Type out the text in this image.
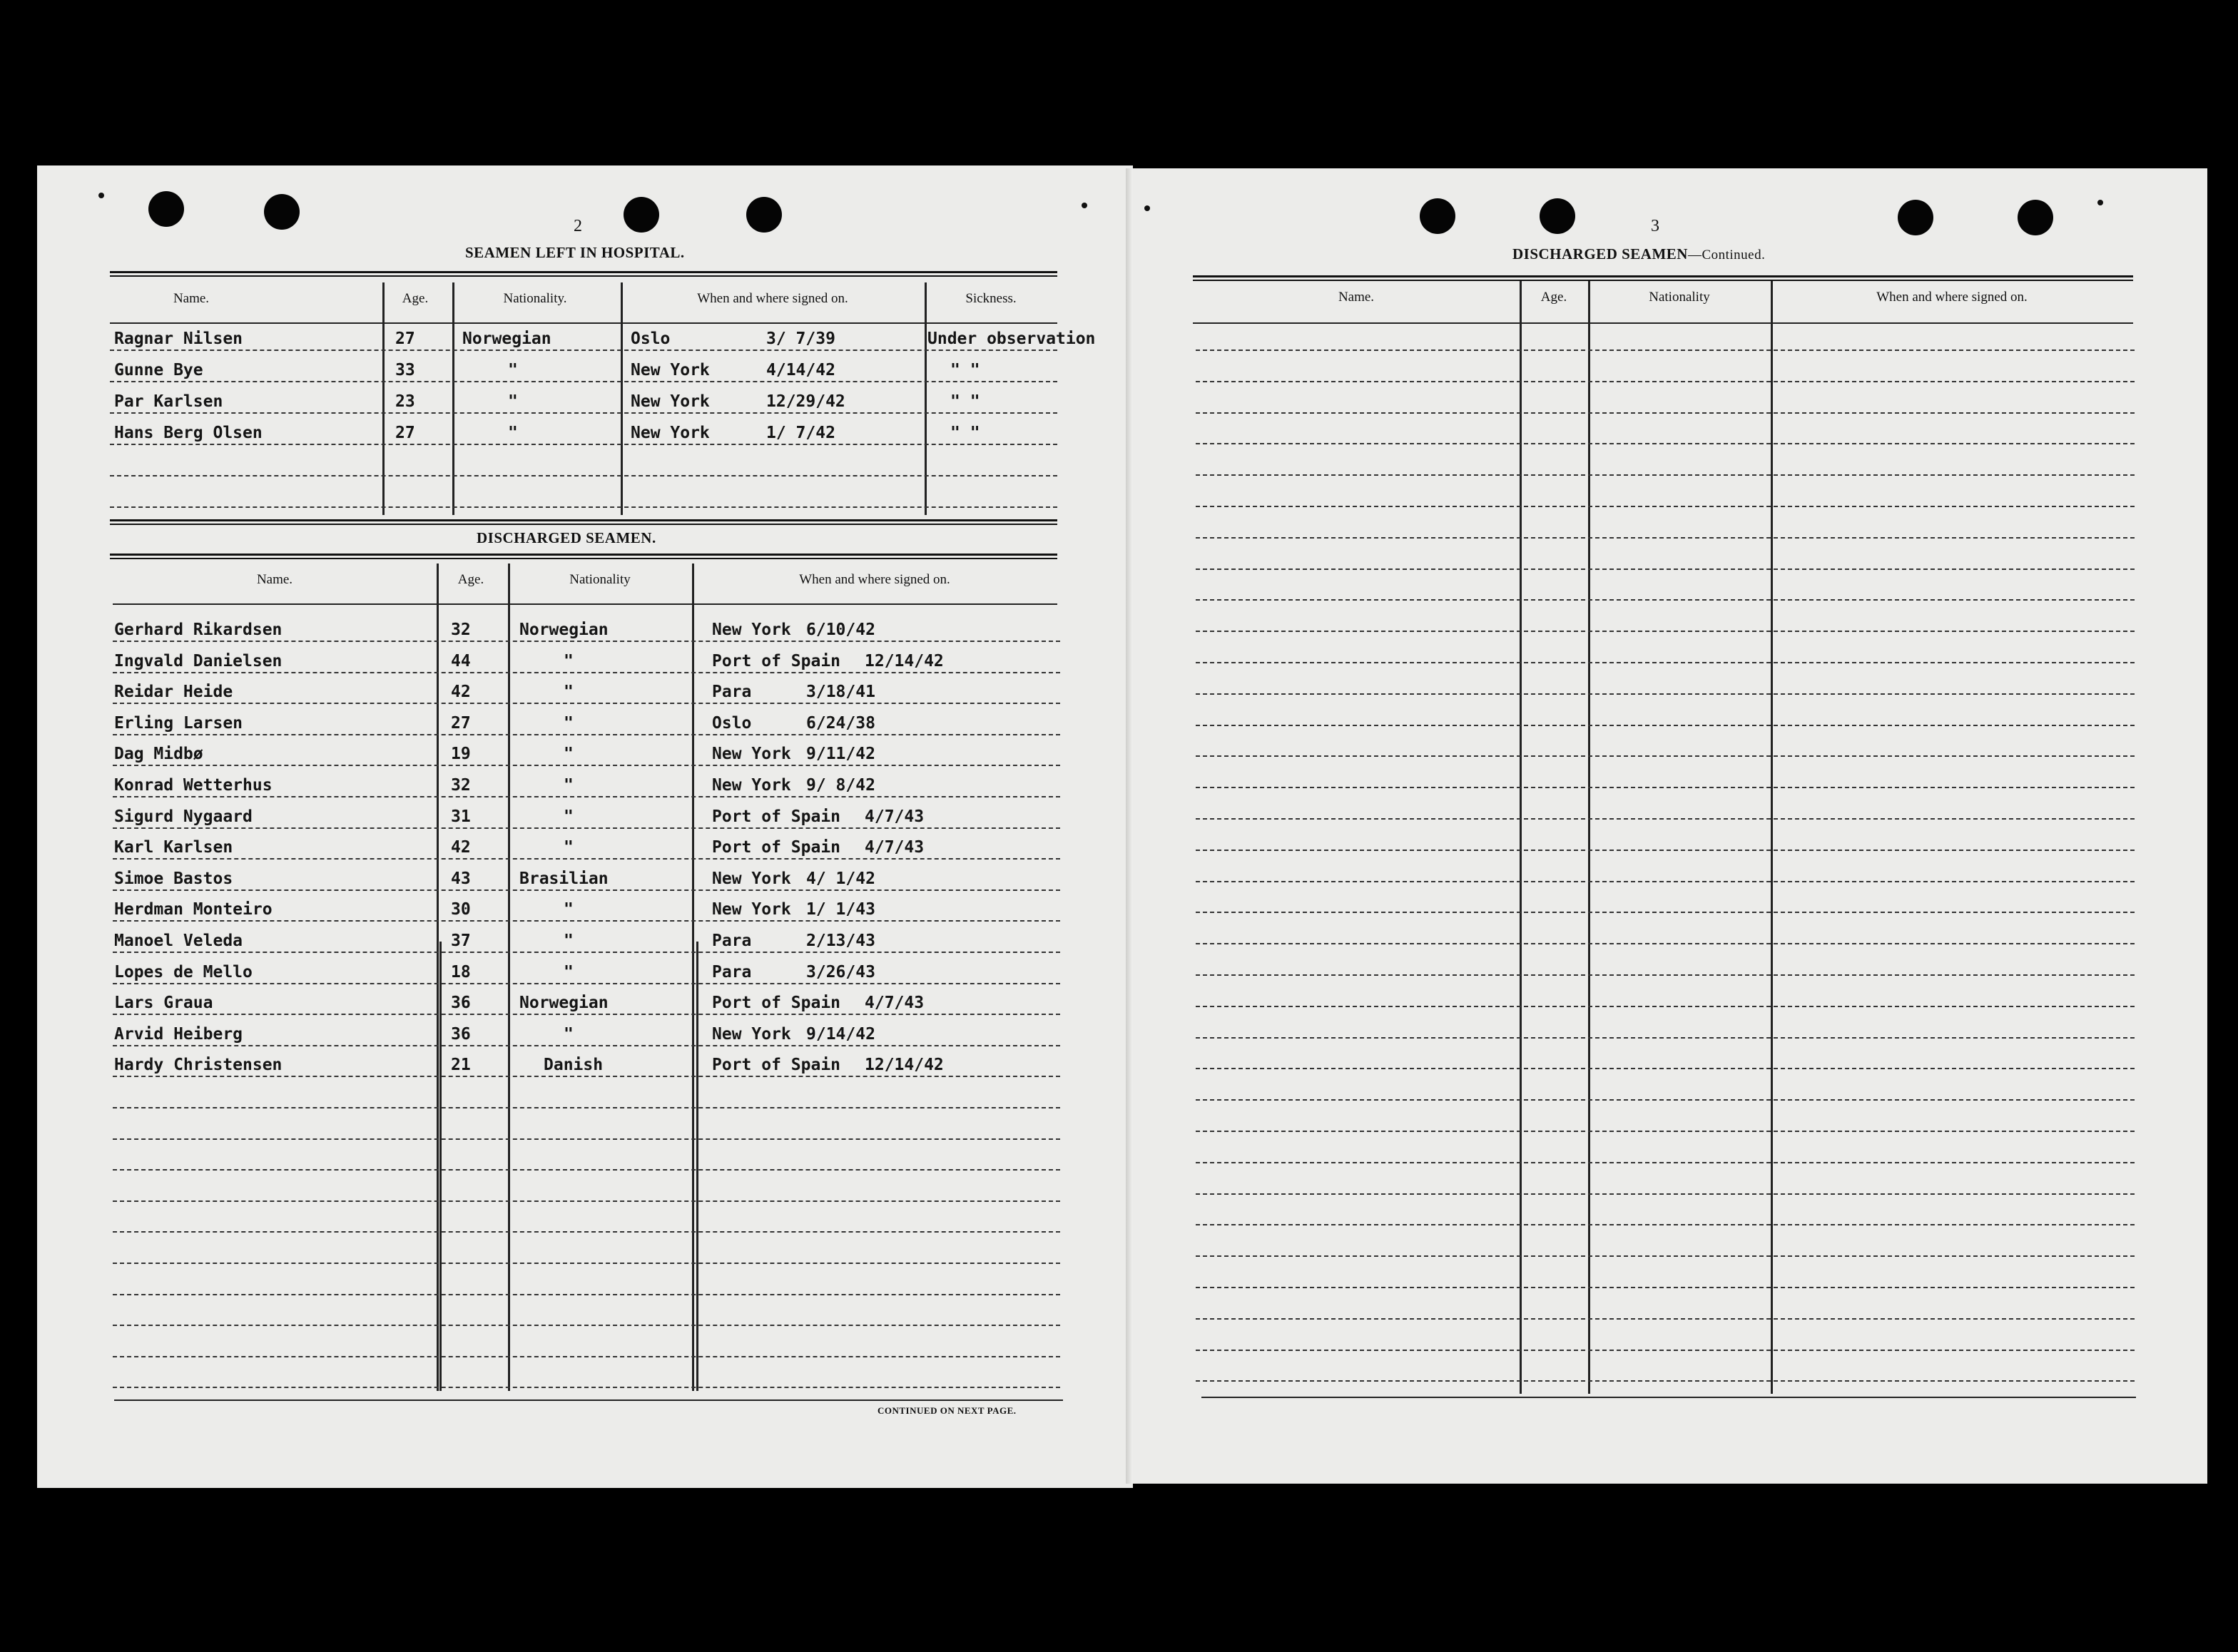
2
SEAMEN LEFT IN HOSPITAL.
Name.	Age.	Nationality.	When and where signed on.	Sickness.
Ragnar Nilsen	27	Norwegian	Oslo	3/ 7/39	Under observation
Gunne Bye	33	"	New York	4/14/42	" "
Par Karlsen	23	"	New York	12/29/42	" "
Hans Berg Olsen	27	"	New York	1/ 7/42	" "
DISCHARGED SEAMEN.
Name.	Age.	Nationality	When and where signed on.
Gerhard Rikardsen	32	Norwegian	New York 6/10/42
Ingvald Danielsen	44	"	Port of Spain 12/14/42
Reidar Heide	42	"	Para	3/18/41
Erling Larsen	27	"	Oslo	6/24/38
Dag Midbø	19	"	New York 9/11/42
Konrad Wetterhus	32	"	New York 9/ 8/42
Sigurd Nygaard	31	"	Port of Spain 4/7/43
Karl Karlsen	42	"	Port of Spain 4/7/43
Simoe Bastos	43	Brasilian	New York 4/ 1/42
Herdman Monteiro	30	"	New York 1/ 1/43
Manoel Veleda	37	"	Para	2/13/43
Lopes de Mello	18	"	Para	3/26/43
Lars Graua	36	Norwegian	Port of Spain 4/7/43
Arvid Heiberg	36	"	New York 9/14/42
Hardy Christensen	21	Danish	Port of Spain 12/14/42
CONTINUED ON NEXT PAGE.
3
DISCHARGED SEAMEN—Continued.
Name.	Age.	Nationality	When and where signed on.
